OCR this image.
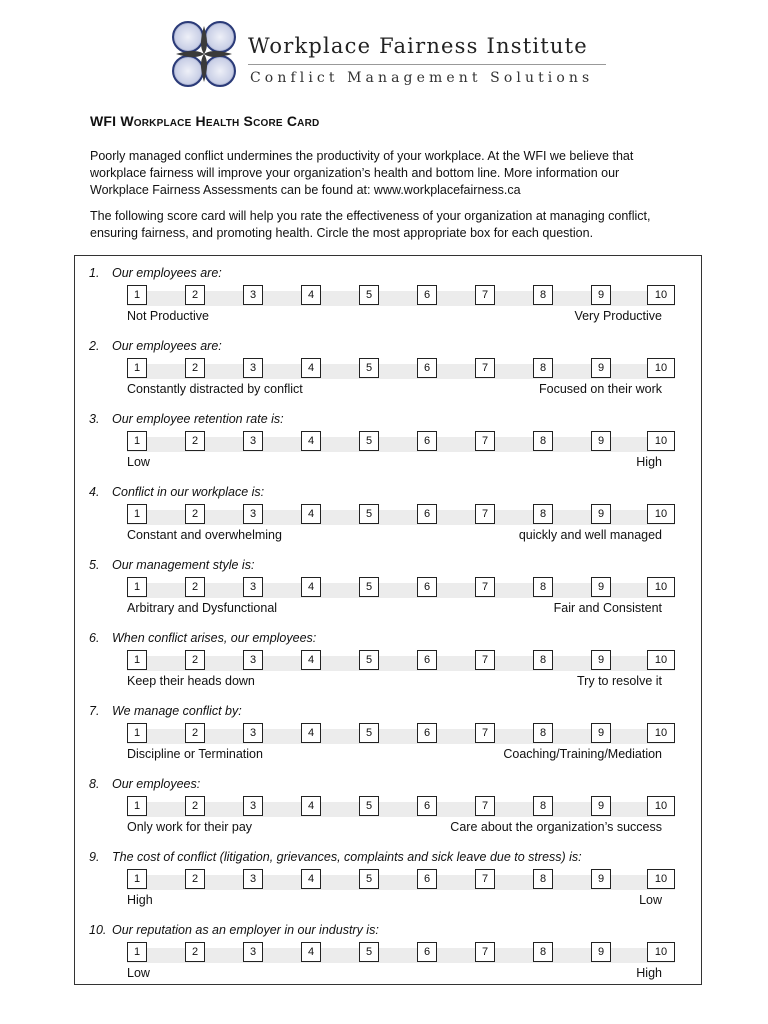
Workplace Fairness Institute
Conflict Management Solutions
WFI Workplace Health Score Card

Poorly managed conflict undermines the productivity of your workplace. At the WFI we believe that workplace fairness will improve your organization’s health and bottom line. More information our Workplace Fairness Assessments can be found at: www.workplacefairness.ca

The following score card will help you rate the effectiveness of your organization at managing conflict, ensuring fairness, and promoting health. Circle the most appropriate box for each question.

1. Our employees are:
1	2	3	4	5	6	7	8	9	10
Not Productive	Very Productive
2. Our employees are:
1	2	3	4	5	6	7	8	9	10
Constantly distracted by conflict	Focused on their work
3. Our employee retention rate is:
1	2	3	4	5	6	7	8	9	10
Low	High
4. Conflict in our workplace is:
1	2	3	4	5	6	7	8	9	10
Constant and overwhelming	quickly and well managed
5. Our management style is:
1	2	3	4	5	6	7	8	9	10
Arbitrary and Dysfunctional	Fair and Consistent
6. When conflict arises, our employees:
1	2	3	4	5	6	7	8	9	10
Keep their heads down	Try to resolve it
7. We manage conflict by:
1	2	3	4	5	6	7	8	9	10
Discipline or Termination	Coaching/Training/Mediation
8. Our employees:
1	2	3	4	5	6	7	8	9	10
Only work for their pay	Care about the organization’s success
9. The cost of conflict (litigation, grievances, complaints and sick leave due to stress) is:
1	2	3	4	5	6	7	8	9	10
High	Low
10. Our reputation as an employer in our industry is:
1	2	3	4	5	6	7	8	9	10
Low	High
